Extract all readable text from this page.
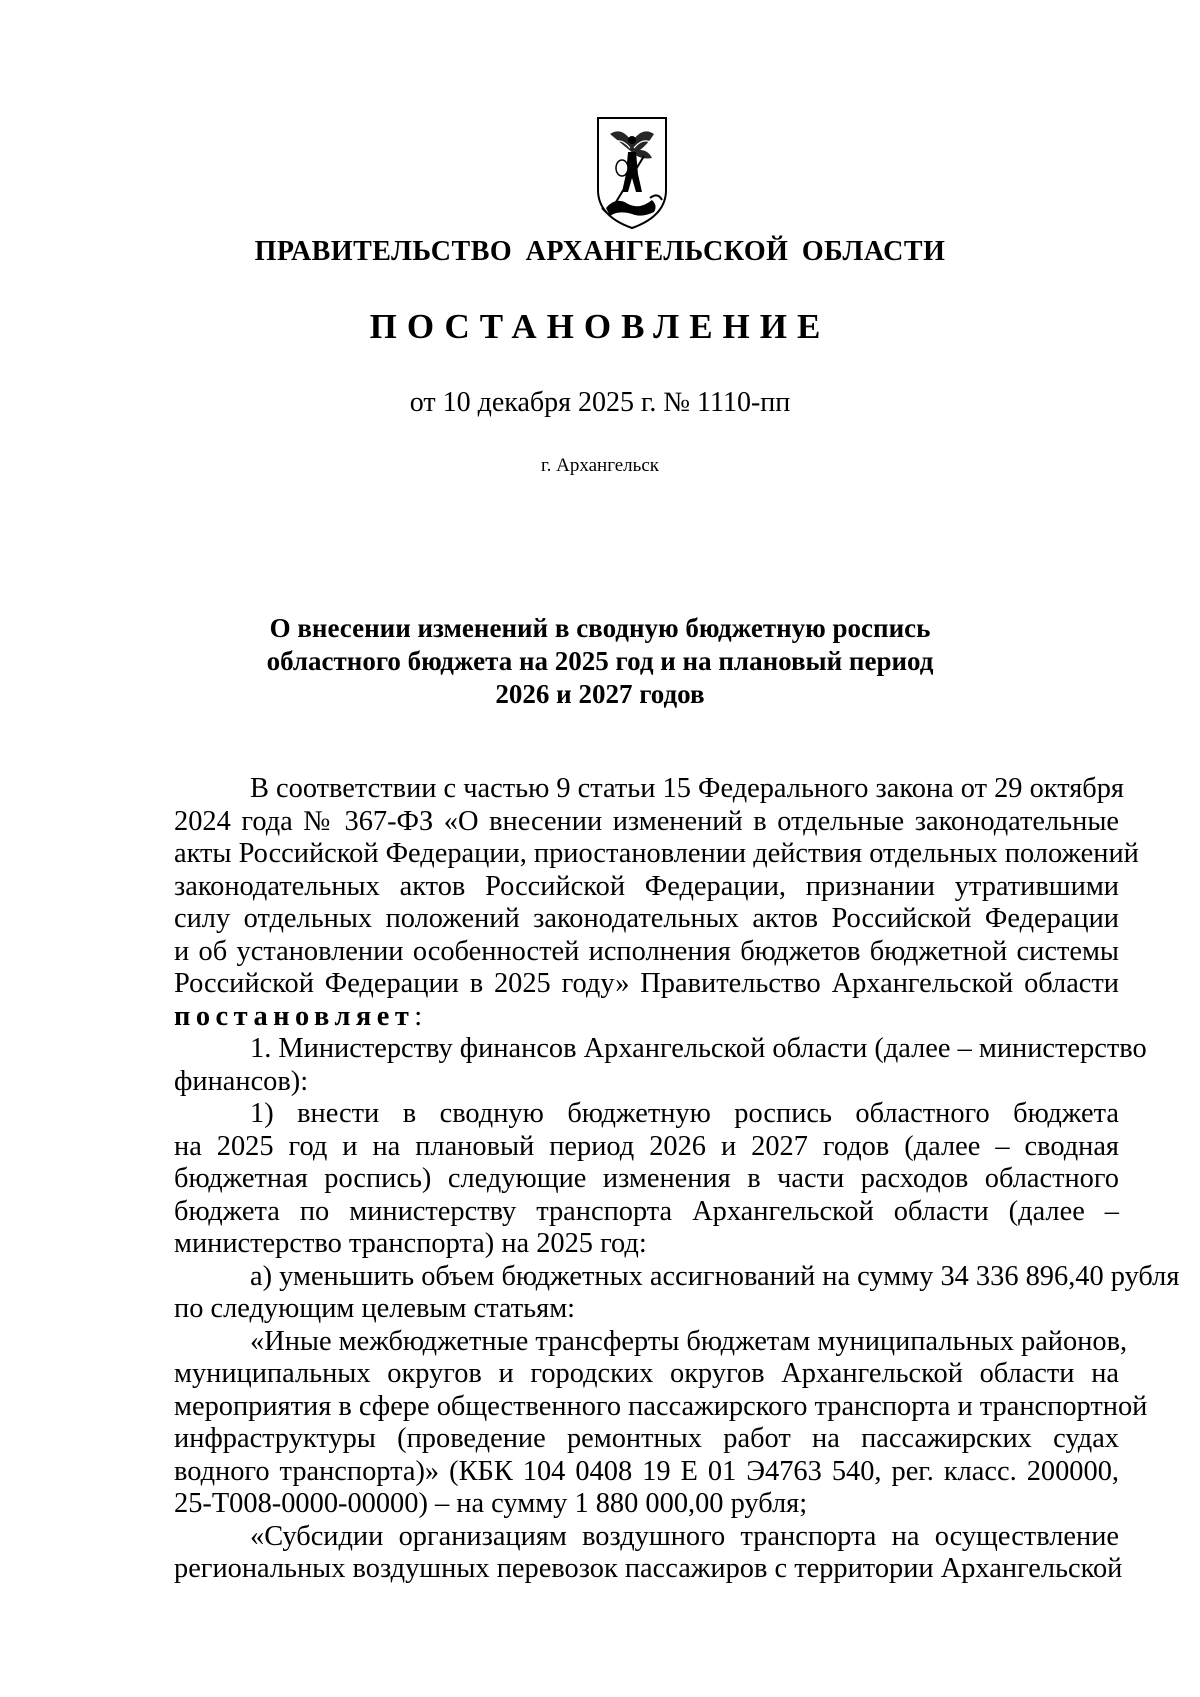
ПРАВИТЕЛЬСТВО АРХАНГЕЛЬСКОЙ ОБЛАСТИ
ПОСТАНОВЛЕНИЕ
от 10 декабря 2025 г. № 1110-пп
г. Архангельск
О внесении изменений в сводную бюджетную роспись
областного бюджета на 2025 год и на плановый период
2026 и 2027 годов
В соответствии с частью 9 статьи 15 Федерального закона от 29 октября
2024 года № 367-ФЗ «О внесении изменений в отдельные законодательные
акты Российской Федерации, приостановлении действия отдельных положений
законодательных актов Российской Федерации, признании утратившими
силу отдельных положений законодательных актов Российской Федерации
и об установлении особенностей исполнения бюджетов бюджетной системы
Российской Федерации в 2025 году» Правительство Архангельской области
постановляет:
1. Министерству финансов Архангельской области (далее – министерство
финансов):
1) внести в сводную бюджетную роспись областного бюджета
на 2025 год и на плановый период 2026 и 2027 годов (далее – сводная
бюджетная роспись) следующие изменения в части расходов областного
бюджета по министерству транспорта Архангельской области (далее –
министерство транспорта) на 2025 год:
а) уменьшить объем бюджетных ассигнований на сумму 34 336 896,40 рубля
по следующим целевым статьям:
«Иные межбюджетные трансферты бюджетам муниципальных районов,
муниципальных округов и городских округов Архангельской области на
мероприятия в сфере общественного пассажирского транспорта и транспортной
инфраструктуры (проведение ремонтных работ на пассажирских судах
водного транспорта)» (КБК 104 0408 19 Е 01 Э4763 540, рег. класс. 200000,
25-Т008-0000-00000) – на сумму 1 880 000,00 рубля;
«Субсидии организациям воздушного транспорта на осуществление
региональных воздушных перевозок пассажиров с территории Архангельской
